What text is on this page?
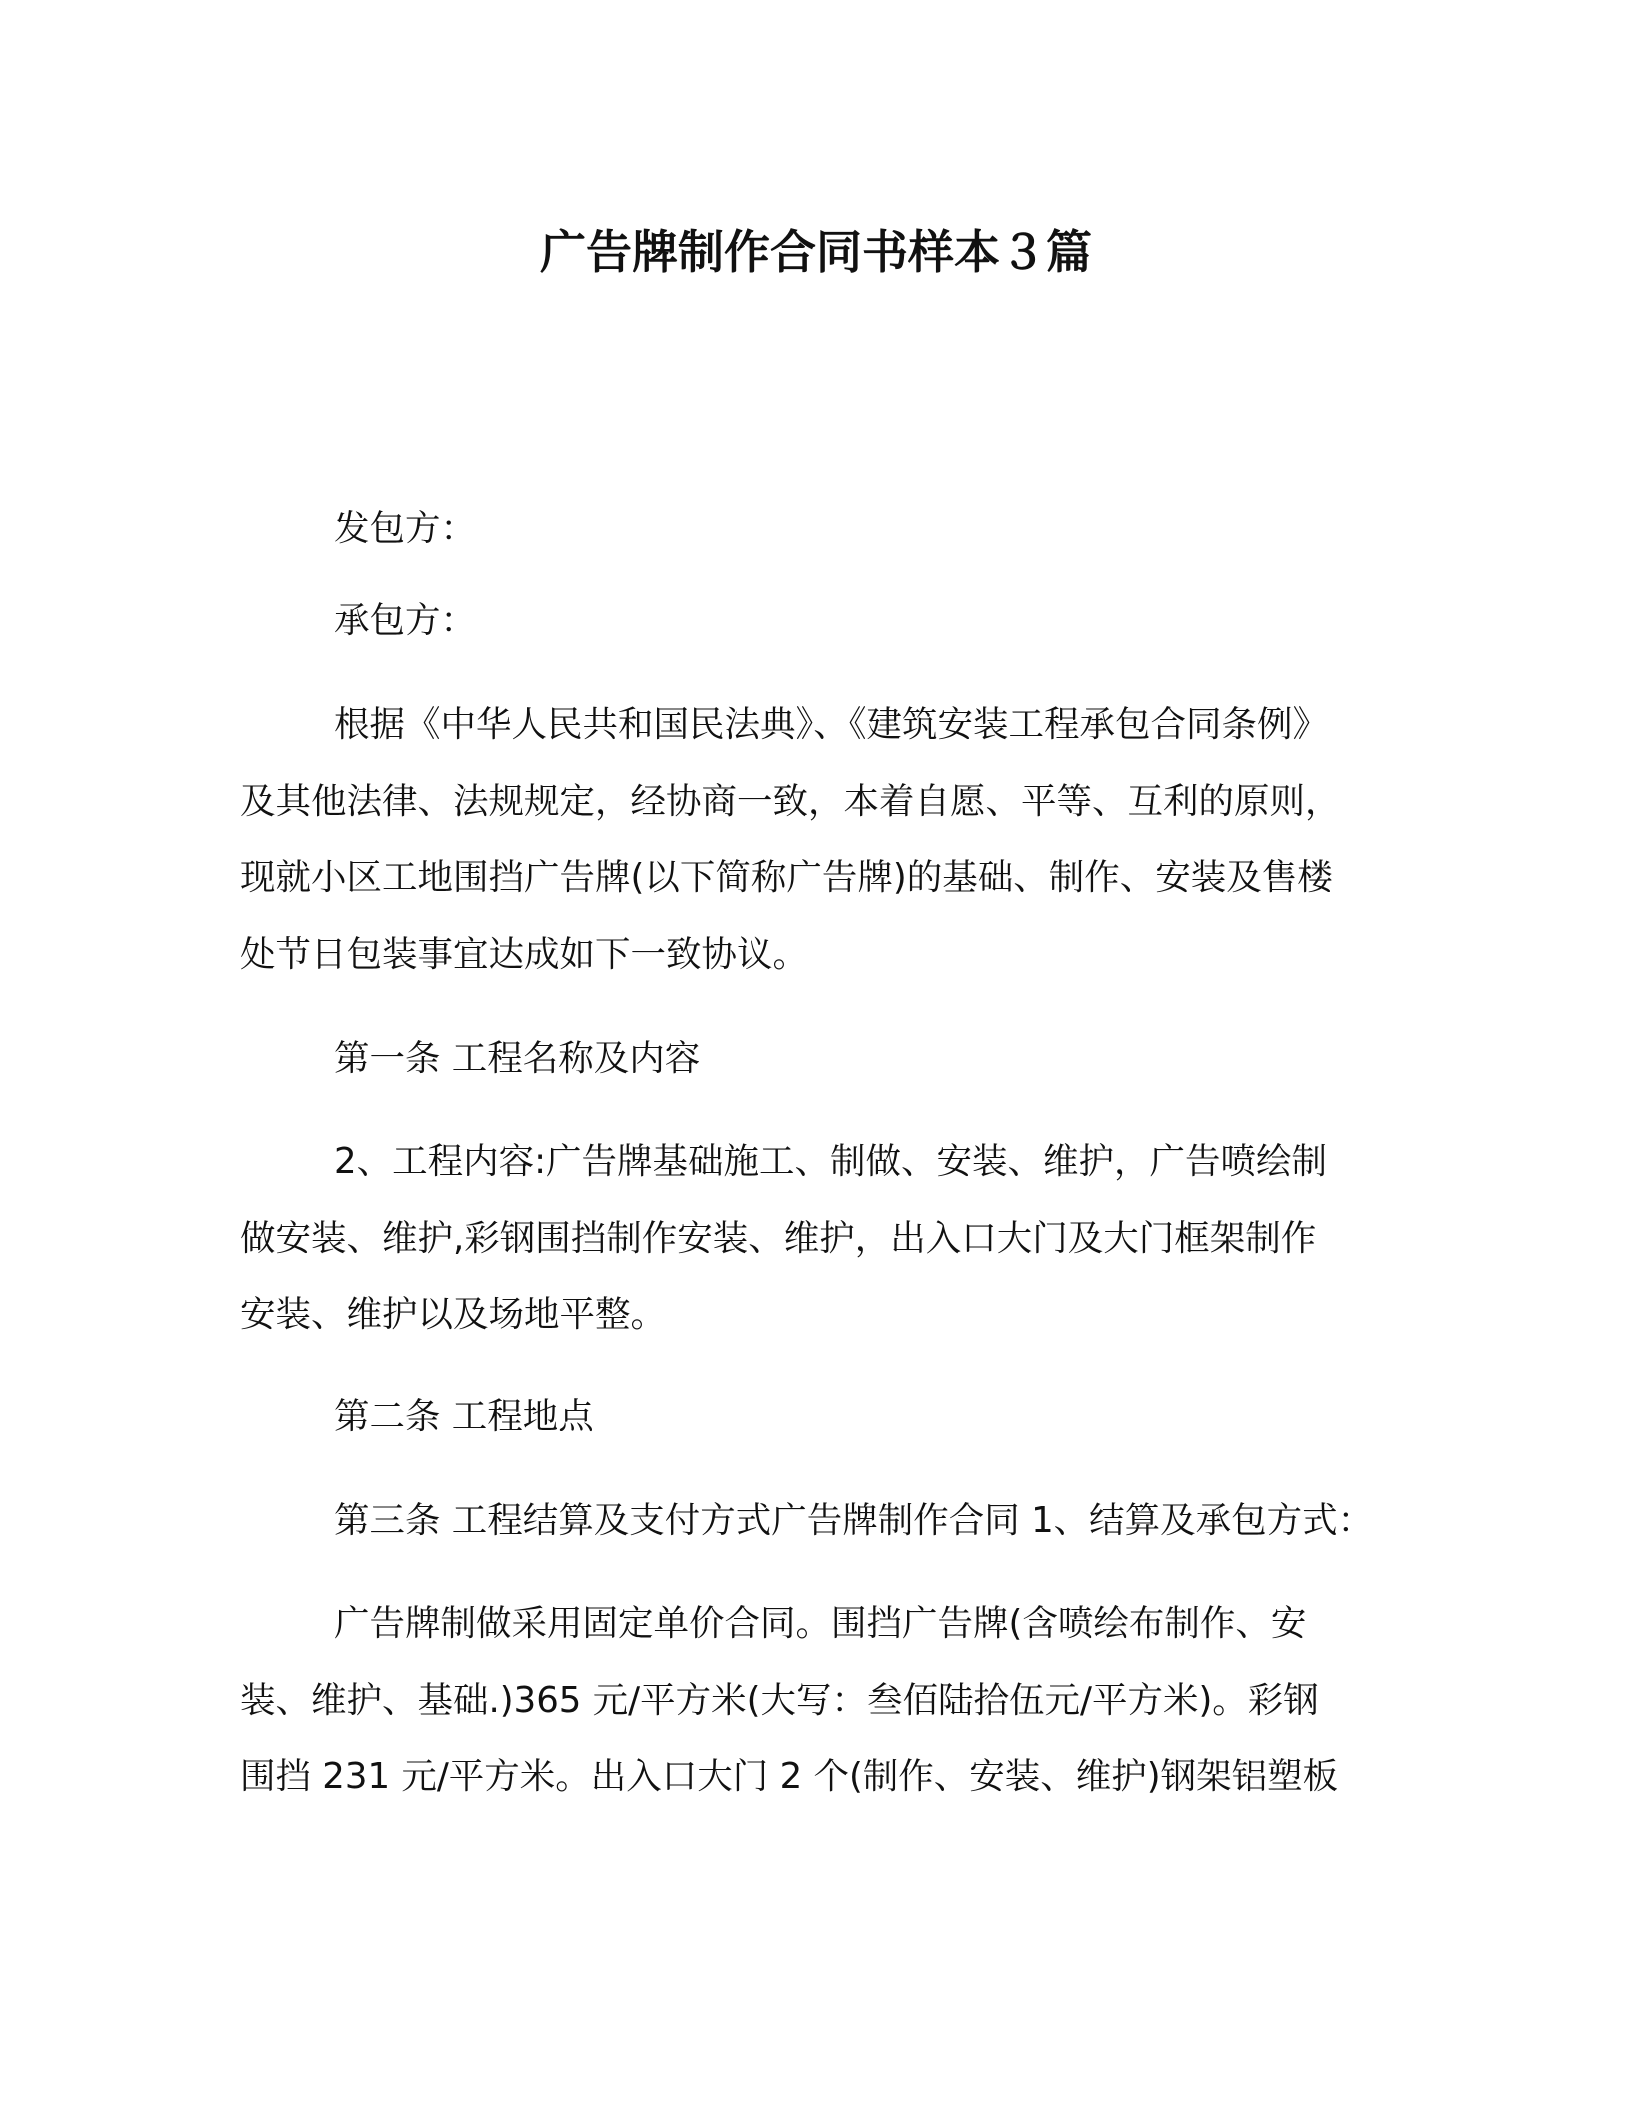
广告牌制作合同书样本３篇
发包方：
承包方：
根据《中华人民共和国民法典》、《建筑安装工程承包合同条例》
及其他法律、法规规定，经协商一致，本着自愿、平等、互利的原则，
现就小区工地围挡广告牌(以下简称广告牌)的基础、制作、安装及售楼
处节日包装事宜达成如下一致协议。
第一条 工程名称及内容
2、工程内容:广告牌基础施工、制做、安装、维护，广告喷绘制
做安装、维护,彩钢围挡制作安装、维护，出入口大门及大门框架制作
安装、维护以及场地平整。
第二条 工程地点
第三条 工程结算及支付方式广告牌制作合同 1、结算及承包方式：
广告牌制做采用固定单价合同。围挡广告牌(含喷绘布制作、安
装、维护、基础.)365 元/平方米(大写：叁佰陆拾伍元/平方米)。彩钢
围挡 231 元/平方米。出入口大门 2 个(制作、安装、维护)钢架铝塑板
